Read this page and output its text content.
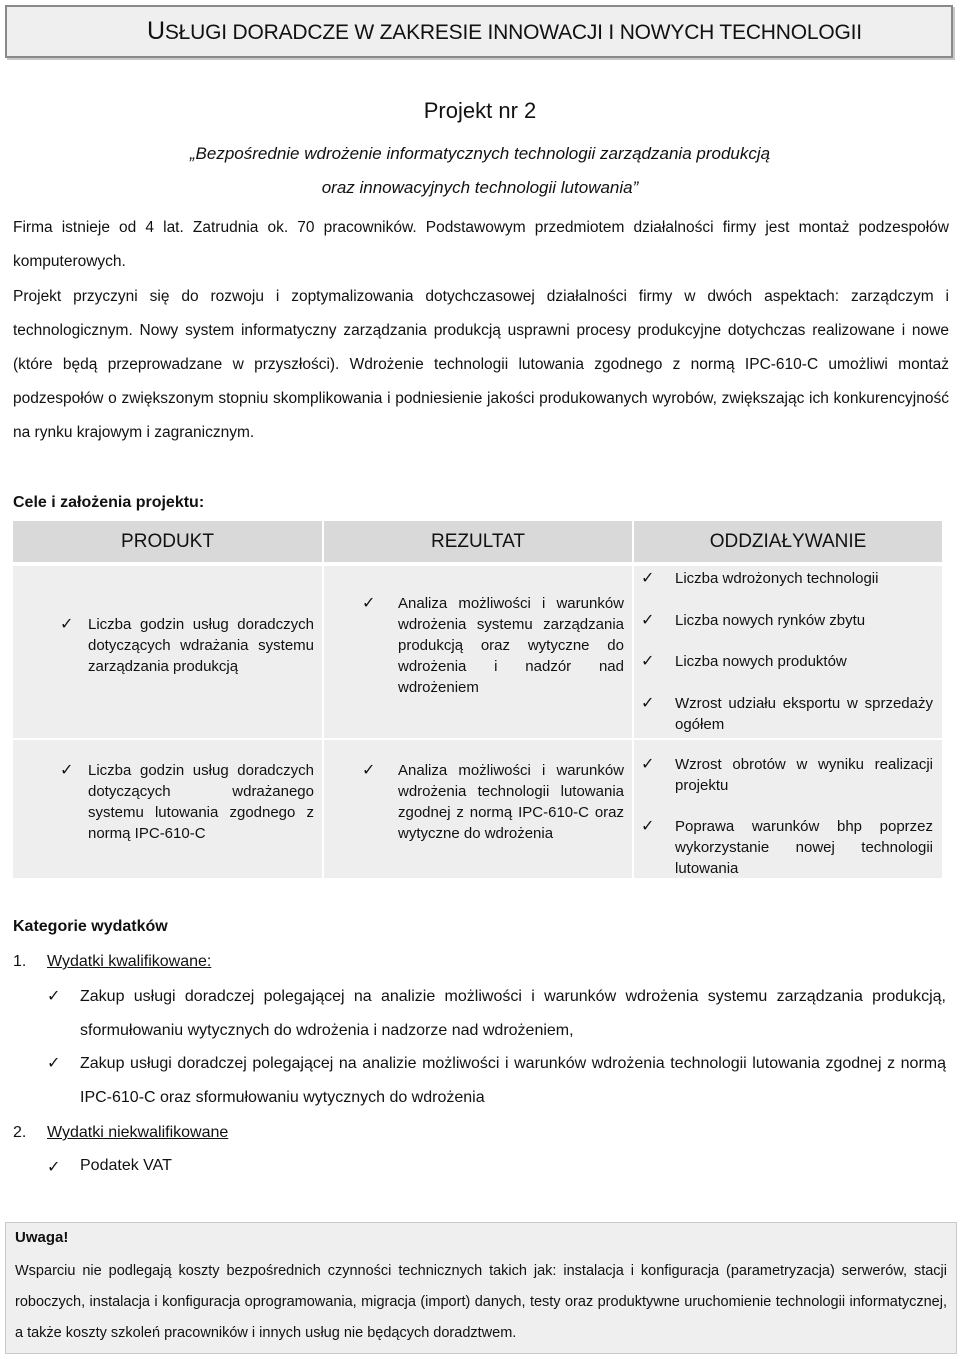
USŁUGI DORADCZE W ZAKRESIE INNOWACJI I NOWYCH TECHNOLOGII
Projekt nr 2
„Bezpośrednie wdrożenie informatycznych technologii zarządzania produkcją
oraz innowacyjnych technologii lutowania”

Firma istnieje od 4 lat. Zatrudnia ok. 70 pracowników. Podstawowym przedmiotem działalności firmy jest montaż podzespołów komputerowych.

Projekt przyczyni się do rozwoju i zoptymalizowania dotychczasowej działalności firmy w dwóch aspektach: zarządczym i technologicznym. Nowy system informatyczny zarządzania produkcją usprawni procesy produkcyjne dotychczas realizowane i nowe (które będą przeprowadzane w przyszłości). Wdrożenie technologii lutowania zgodnego z normą IPC-610-C umożliwi montaż podzespołów o zwiększonym stopniu skomplikowania i podniesienie jakości produkowanych wyrobów, zwiększając ich konkurencyjność na rynku krajowym i zagranicznym.

Cele i założenia projektu:
PRODUKT	REZULTAT	ODDZIAŁYWANIE
✓ Liczba godzin usług doradczych dotyczących wdrażania systemu zarządzania produkcją
✓ Analiza możliwości i warunków wdrożenia systemu zarządzania produkcją oraz wytyczne do wdrożenia i nadzór nad wdrożeniem
✓ Liczba wdrożonych technologii
✓ Liczba nowych rynków zbytu
✓ Liczba nowych produktów
✓ Wzrost udziału eksportu w sprzedaży ogółem
✓ Liczba godzin usług doradczych dotyczących wdrażanego systemu lutowania zgodnego z normą IPC-610-C
✓ Analiza możliwości i warunków wdrożenia technologii lutowania zgodnej z normą IPC-610-C oraz wytyczne do wdrożenia
✓ Wzrost obrotów w wyniku realizacji projektu
✓ Poprawa warunków bhp poprzez wykorzystanie nowej technologii lutowania
Kategorie wydatków
1. Wydatki kwalifikowane:
✓ Zakup usługi doradczej polegającej na analizie możliwości i warunków wdrożenia systemu zarządzania produkcją, sformułowaniu wytycznych do wdrożenia i nadzorze nad wdrożeniem,

✓ Zakup usługi doradczej polegającej na analizie możliwości i warunków wdrożenia technologii lutowania zgodnej z normą IPC-610-C oraz sformułowaniu wytycznych do wdrożenia

2. Wydatki niekwalifikowane
✓ Podatek VAT
Uwaga!

Wsparciu nie podlegają koszty bezpośrednich czynności technicznych takich jak: instalacja i konfiguracja (parametryzacja) serwerów, stacji roboczych, instalacja i konfiguracja oprogramowania, migracja (import) danych, testy oraz produktywne uruchomienie technologii informatycznej, a także koszty szkoleń pracowników i innych usług nie będących doradztwem.
